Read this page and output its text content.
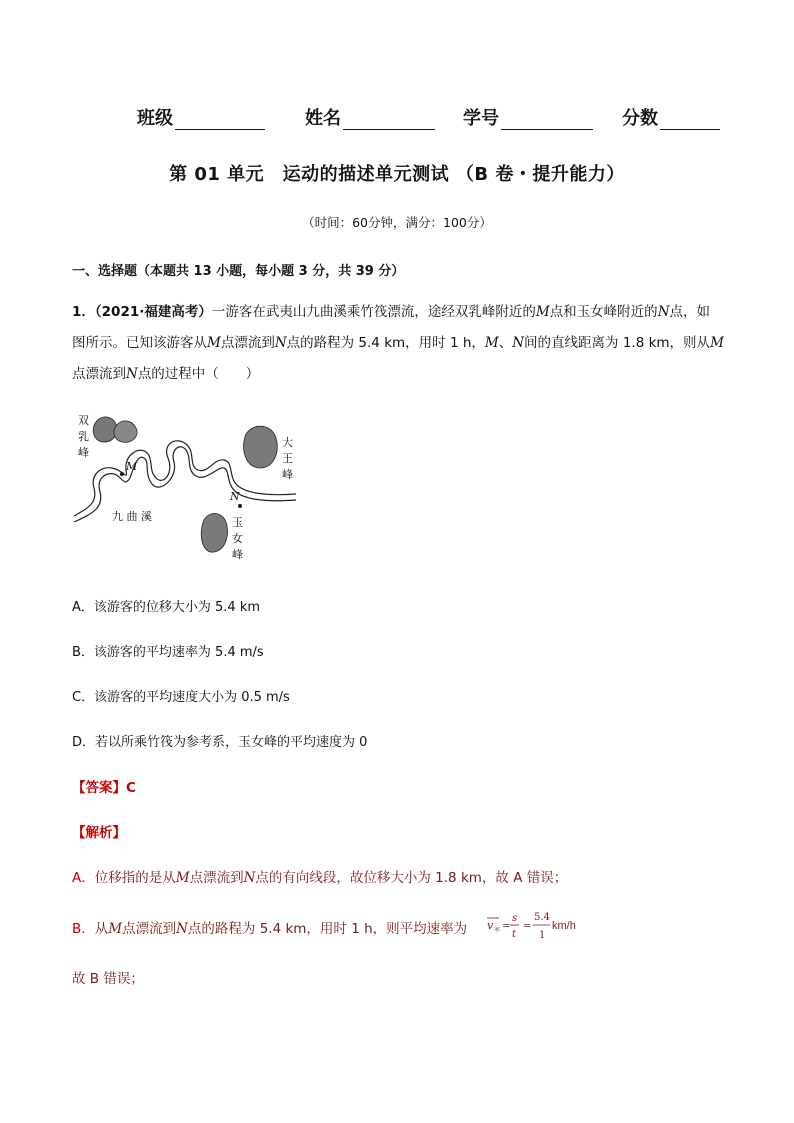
班级	姓名	学号	分数
第 01 单元　运动的描述单元测试 （B 卷・提升能力）
（时间：60分钟，满分：100分）
一、选择题（本题共 13 小题，每小题 3 分，共 39 分）
1．（2021·福建高考）一游客在武夷山九曲溪乘竹筏漂流，途经双乳峰附近的M点和玉女峰附近的N点，如
图所示。已知该游客从M点漂流到N点的路程为 5.4 km，用时 1 h，M、N间的直线距离为 1.8 km，则从M
点漂流到N点的过程中（　　）
双
乳
峰
大
王
峰
玉
女
峰
九 曲 溪
M
N
A．该游客的位移大小为 5.4 km
B．该游客的平均速率为 5.4 m/s
C．该游客的平均速度大小为 0.5 m/s
D．若以所乘竹筏为参考系，玉女峰的平均速度为 0
【答案】C
【解析】
A．位移指的是从M点漂流到N点的有向线段，故位移大小为 1.8 km，故 A 错误；
B．从M点漂流到N点的路程为 5.4 km，用时 1 h，则平均速率为 v 率 =
s
t
=
5.4
1
km/h
故 B 错误；
